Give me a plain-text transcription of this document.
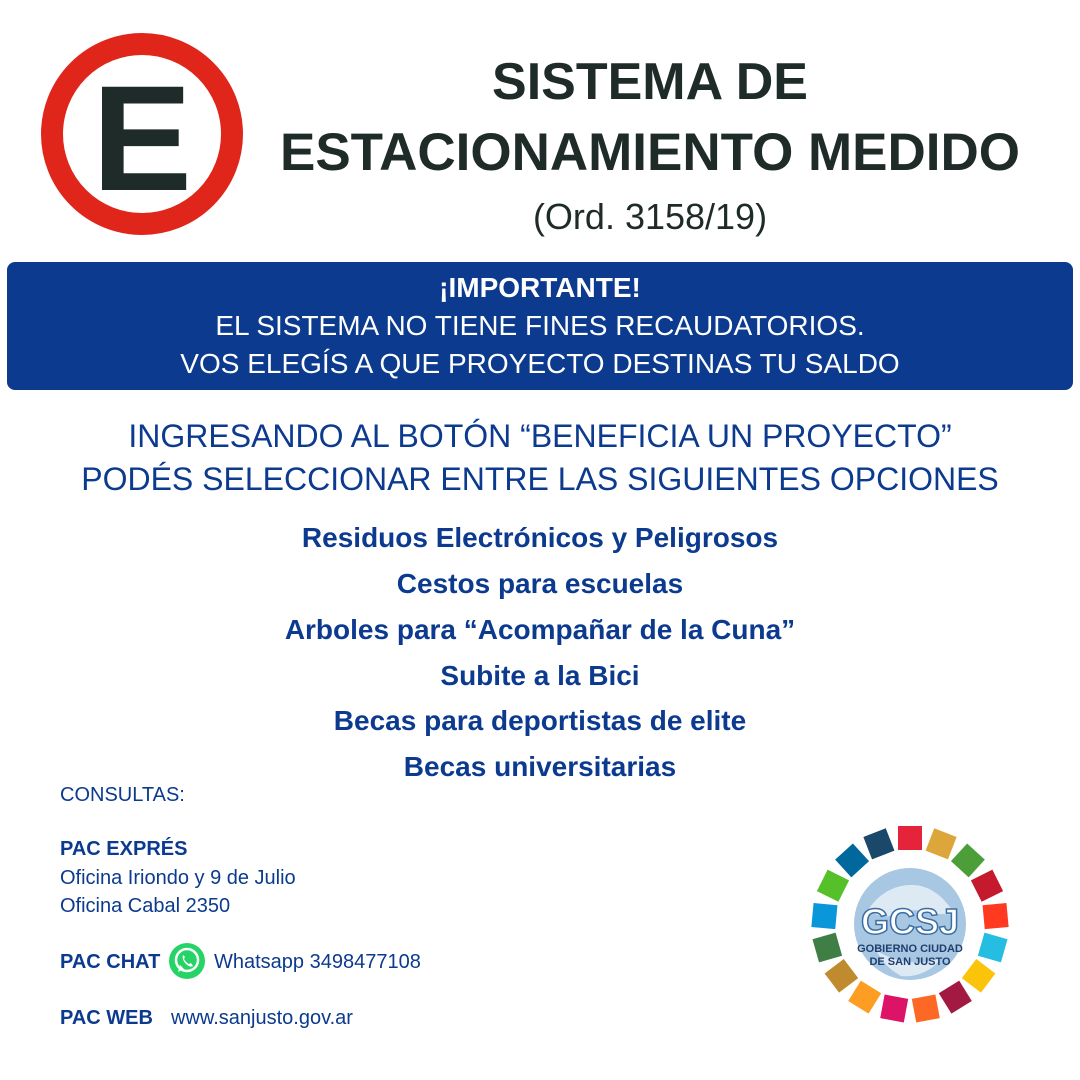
E	SISTEMA DE
ESTACIONAMIENTO MEDIDO
(Ord. 3158/19)
¡IMPORTANTE!
EL SISTEMA NO TIENE FINES RECAUDATORIOS.
VOS ELEGÍS A QUE PROYECTO DESTINAS TU SALDO
INGRESANDO AL BOTÓN “BENEFICIA UN PROYECTO”
PODÉS SELECCIONAR ENTRE LAS SIGUIENTES OPCIONES
Residuos Electrónicos y Peligrosos
Cestos para escuelas
Arboles para “Acompañar de la Cuna”
Subite a la Bici
Becas para deportistas de elite
Becas universitarias
CONSULTAS:
PAC EXPRÉS
Oficina Iriondo y 9 de Julio
Oficina Cabal 2350
PAC CHAT	Whatsapp 3498477108
PAC WEB www.sanjusto.gov.ar
GCSJ
GOBIERNO CIUDAD
DE SAN JUSTO
